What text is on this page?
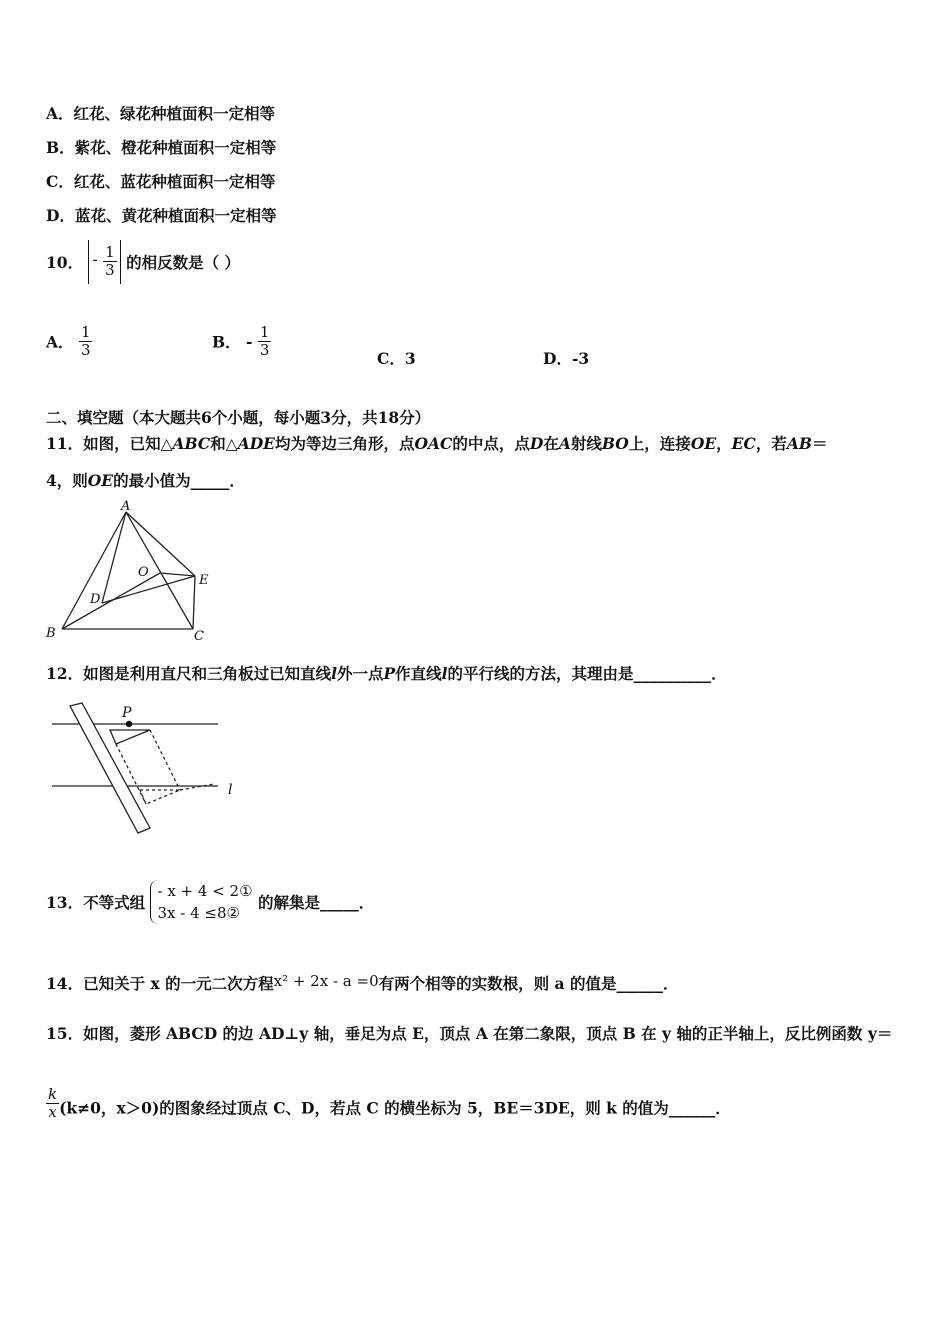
A．红花、绿花种植面积一定相等
B．紫花、橙花种植面积一定相等
C．红花、蓝花种植面积一定相等
D．蓝花、黄花种植面积一定相等
10． - $\frac{1}{3}$ 的相反数是（ ）
A． $\frac{1}{3}$	B． - $\frac{1}{3}$	C．3	D．-3
二、填空题（本大题共6个小题，每小题3分，共18分）
11．如图，已知△ABC和△ADE均为等边三角形，点OAC的中点，点D在A射线BO上，连接OE，EC，若AB＝
4，则OE的最小值为_____．
A
O
E
D
B	C
12．如图是利用直尺和三角板过已知直线l外一点P作直线l的平行线的方法，其理由是__________．
P
l
13．不等式组
- x + 4 < 2①
3x - 4 ≤8②
的解集是_____．
14．已知关于 x 的一元二次方程x² + 2x - a =0有两个相等的实数根，则 a 的值是______．
15．如图，菱形 ABCD 的边 AD⊥y 轴，垂足为点 E，顶点 A 在第二象限，顶点 B 在 y 轴的正半轴上，反比例函数 y＝
$\frac{k}{x} (k\ne 0$，x＞0)的图象经过顶点 C、D，若点 C 的横坐标为 5，BE＝3DE，则 k 的值为______．
